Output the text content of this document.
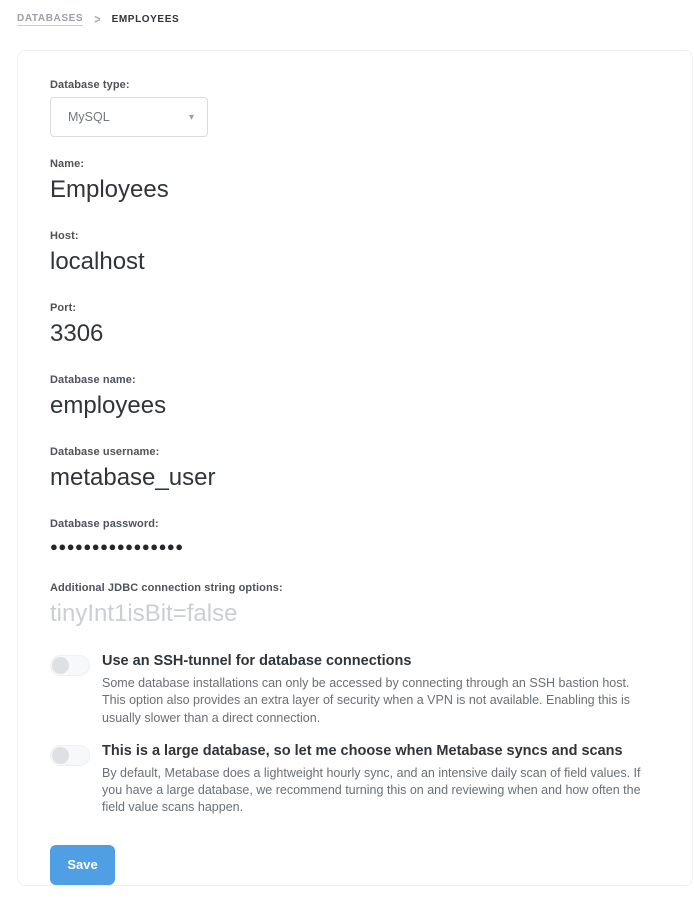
DATABASES > EMPLOYEES
Database type:
MySQL	▾
Name:
Employees
Host:
localhost
Port:
3306
Database name:
employees
Database username:
metabase_user
Database password:
●●●●●●●●●●●●●●●●
Additional JDBC connection string options:
tinyInt1isBit=false
Use an SSH-tunnel for database connections
Some database installations can only be accessed by connecting through an SSH bastion host. This option also provides an extra layer of security when a VPN is not available. Enabling this is usually slower than a direct connection.
This is a large database, so let me choose when Metabase syncs and scans
By default, Metabase does a lightweight hourly sync, and an intensive daily scan of field values. If you have a large database, we recommend turning this on and reviewing when and how often the field value scans happen.
Save
